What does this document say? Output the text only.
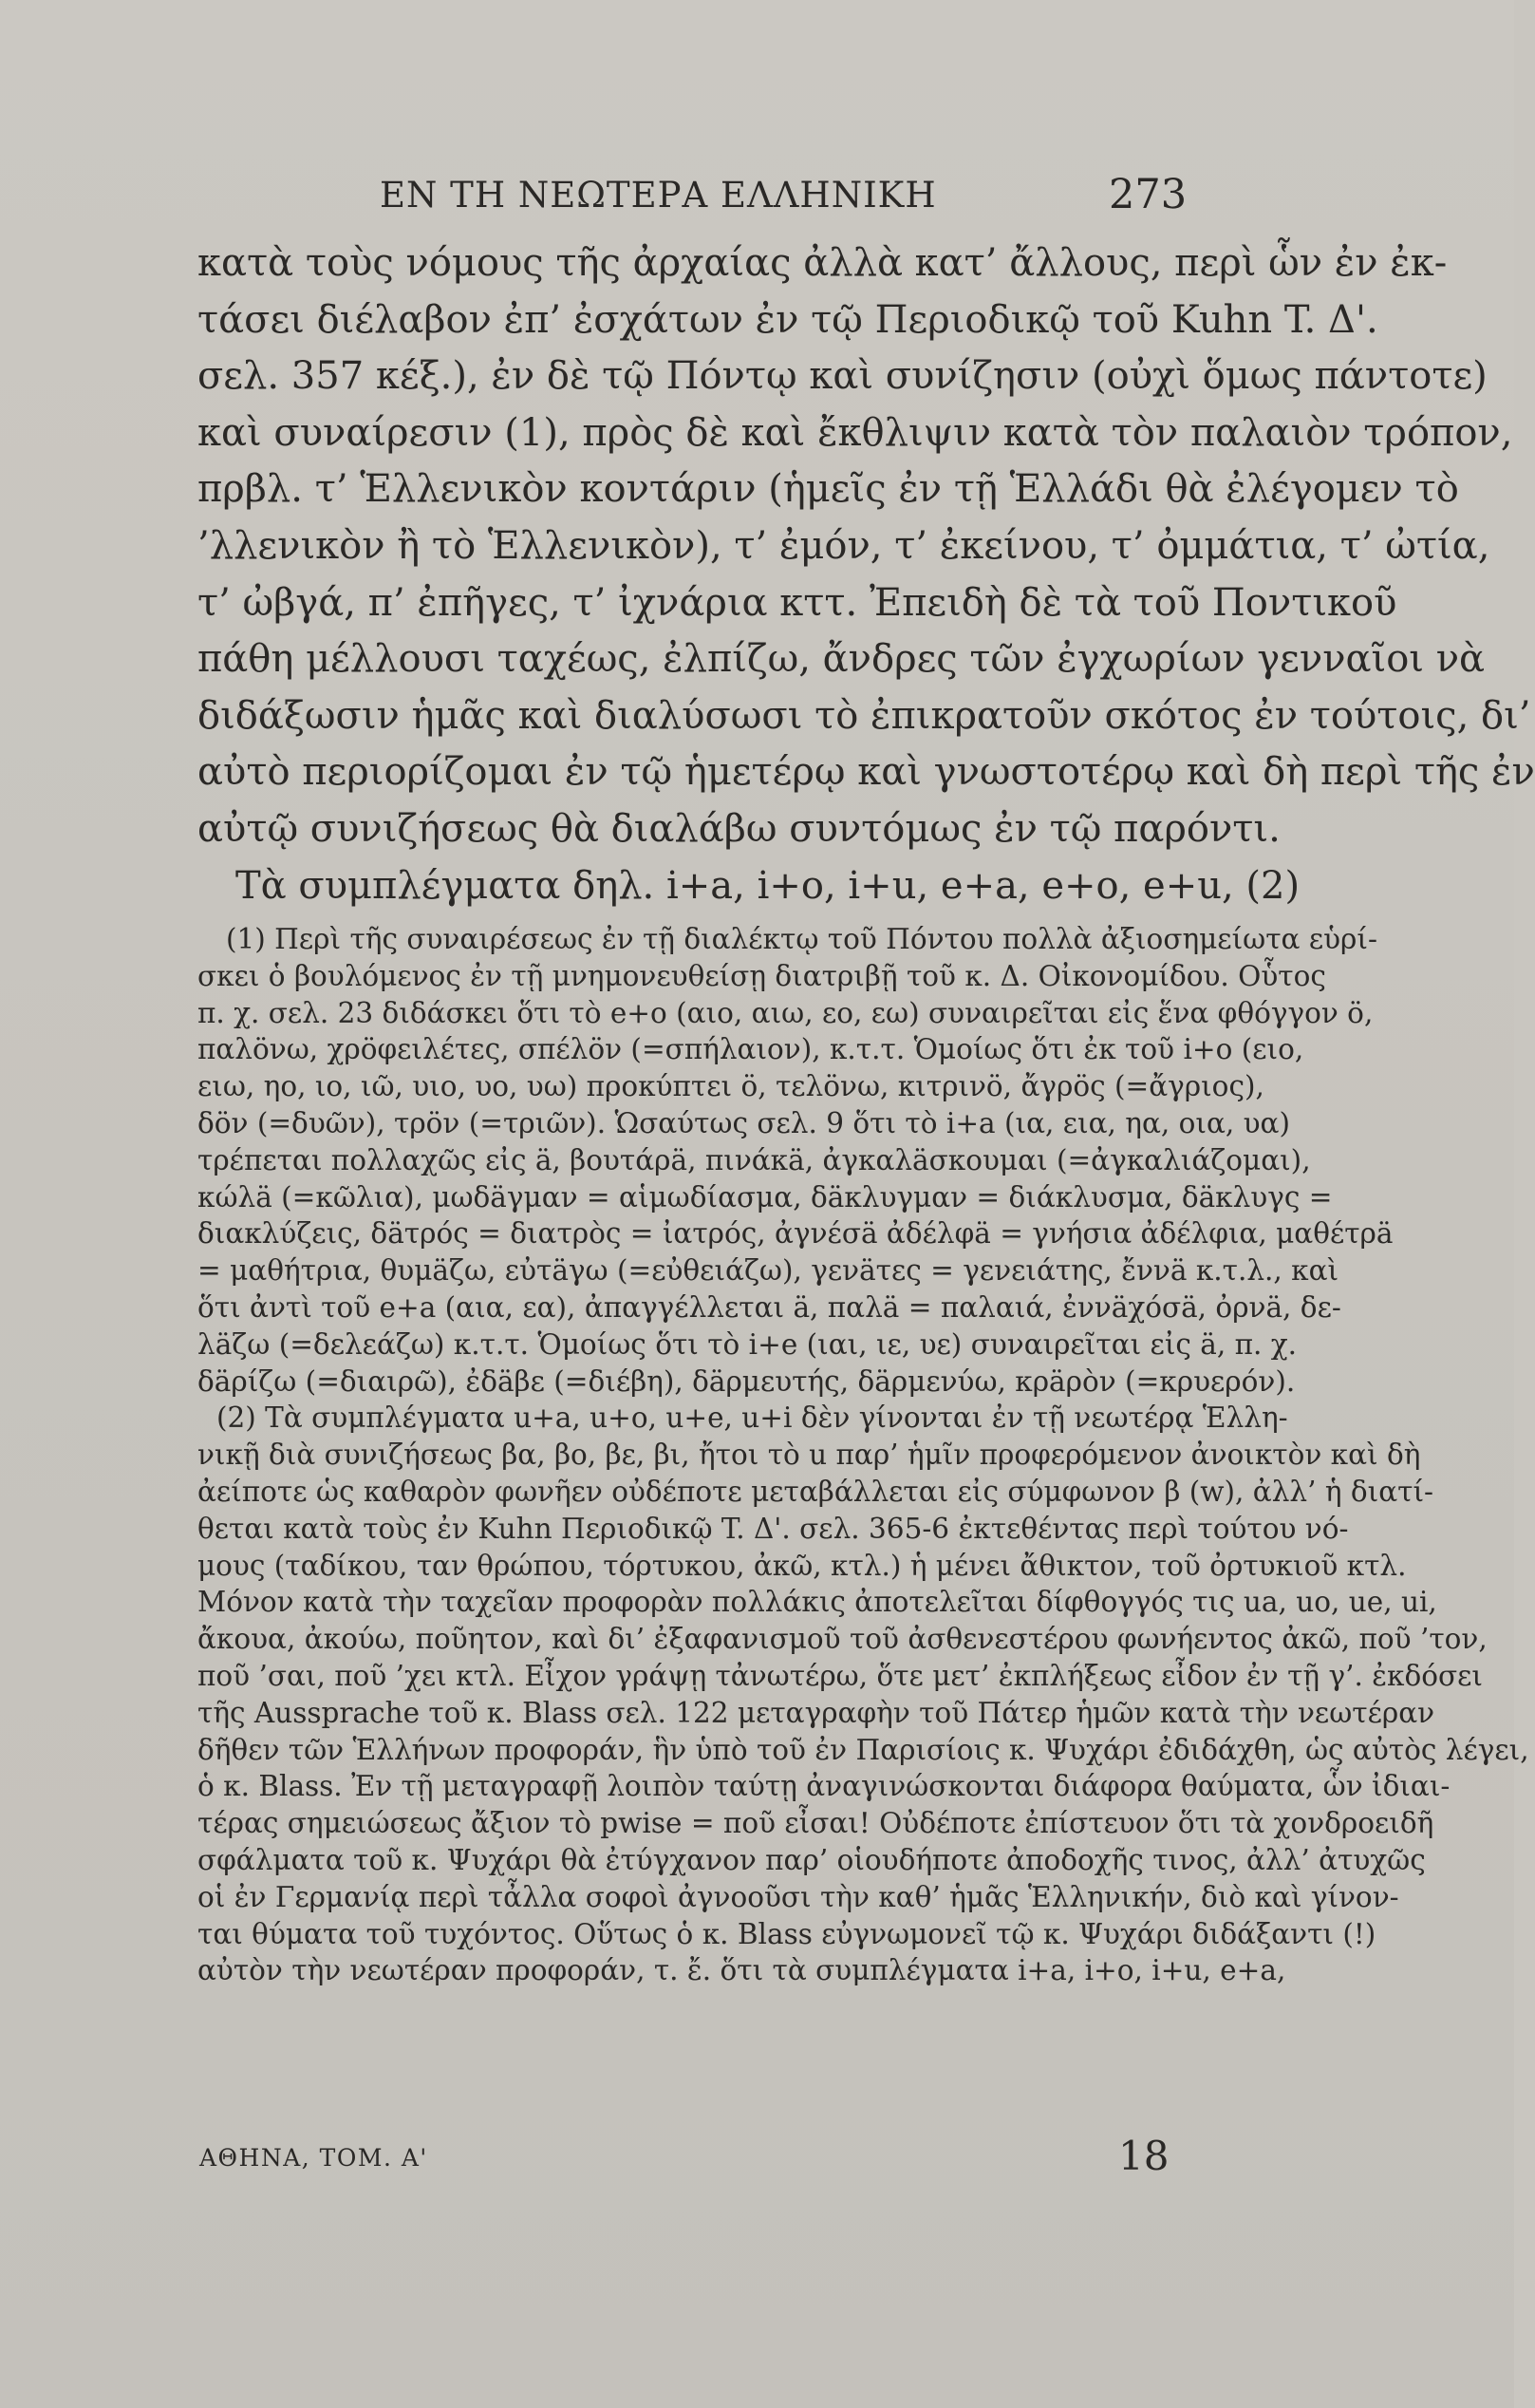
ΕΝ ΤΗ ΝΕΩΤΕΡΑ ΕΛΛΗΝΙΚΗ	273
κατὰ τοὺς νόμους τῆς ἀρχαίας ἀλλὰ κατ’ ἄλλους, περὶ ὧν ἐν ἐκ-
τάσει διέλαβον ἐπ’ ἐσχάτων ἐν τῷ Περιοδικῷ τοῦ Kuhn T. Δ'.
σελ. 357 κέξ.), ἐν δὲ τῷ Πόντῳ καὶ συνίζησιν (οὐχὶ ὅμως πάντοτε)
καὶ συναίρεσιν (1), πρὸς δὲ καὶ ἔκθλιψιν κατὰ τὸν παλαιὸν τρόπον,
πρβλ. τ’ Ἑλλενικὸν κοντάριν (ἡμεῖς ἐν τῇ Ἑλλάδι θὰ ἐλέγομεν τὸ
’λλενικὸν ἢ τὸ Ἑλλενικὸν), τ’ ἐμόν, τ’ ἐκείνου, τ’ ὀμμάτια, τ’ ὠτία,
τ’ ὠβγά, π’ ἐπῆγες, τ’ ἰχνάρια κττ. Ἐπειδὴ δὲ τὰ τοῦ Ποντικοῦ
πάθη μέλλουσι ταχέως, ἐλπίζω, ἄνδρες τῶν ἐγχωρίων γενναῖοι νὰ
διδάξωσιν ἡμᾶς καὶ διαλύσωσι τὸ ἐπικρατοῦν σκότος ἐν τούτοις, δι’
αὐτὸ περιορίζομαι ἐν τῷ ἡμετέρῳ καὶ γνωστοτέρῳ καὶ δὴ περὶ τῆς ἐν
αὐτῷ συνιζήσεως θὰ διαλάβω συντόμως ἐν τῷ παρόντι.
Τὰ συμπλέγματα δηλ. i+a, i+o, i+u, e+a, e+o, e+u, (2)
(1) Περὶ τῆς συναιρέσεως ἐν τῇ διαλέκτῳ τοῦ Πόντου πολλὰ ἀξιοσημείωτα εὑρί-
σκει ὁ βουλόμενος ἐν τῇ μνημονευθείσῃ διατριβῇ τοῦ κ. Δ. Οἰκονομίδου. Οὗτος
π. χ. σελ. 23 διδάσκει ὅτι τὸ e+o (αιο, αιω, εο, εω) συναιρεῖται εἰς ἕνα φθόγγον ö,
παλöνω, χρöφειλέτες, σπέλöν (=σπήλαιον), κ.τ.τ. Ὁμοίως ὅτι ἐκ τοῦ i+o (ειο,
ειω, ηο, ιο, ιῶ, υιο, υο, υω) προκύπτει ö, τελöνω, κιτρινö, ἄγρöς (=ἄγριος),
δöν (=δυῶν), τρöν (=τριῶν). Ὡσαύτως σελ. 9 ὅτι τὸ i+a (ια, εια, ηα, οια, υα)
τρέπεται πολλαχῶς εἰς ä, βουτάρä, πινάκä, ἀγκαλäσκουμαι (=ἀγκαλιάζομαι),
κώλä (=κῶλια), μωδäγμαν = αἱμωδίασμα, δäκλυγμαν = διάκλυσμα, δäκλυγς =
διακλύζεις, δäτρός = διατρὸς = ἰατρός, ἀγνέσä ἀδέλφä = γνήσια ἀδέλφια, μαθέτρä
= μαθήτρια, θυμäζω, εὐτäγω (=εὐθειάζω), γενäτες = γενειάτης, ἔννä κ.τ.λ., καὶ
ὅτι ἀντὶ τοῦ e+a (αια, εα), ἀπαγγέλλεται ä, παλä = παλαιά, ἐννäχόσä, ὀρνä, δε-
λäζω (=δελεάζω) κ.τ.τ. Ὁμοίως ὅτι τὸ i+e (ιαι, ιε, υε) συναιρεῖται εἰς ä, π. χ.
δäρίζω (=διαιρῶ), ἐδäβε (=διέβη), δäρμευτής, δäρμενύω, κρäρὸν (=κρυερόν).
(2) Τὰ συμπλέγματα u+a, u+o, u+e, u+i δὲν γίνονται ἐν τῇ νεωτέρᾳ Ἑλλη-
νικῇ διὰ συνιζήσεως βα, βο, βε, βι, ἤτοι τὸ u παρ’ ἡμῖν προφερόμενον ἀνοικτὸν καὶ δὴ
ἀείποτε ὡς καθαρὸν φωνῆεν οὐδέποτε μεταβάλλεται εἰς σύμφωνον β (w), ἀλλ’ ἡ διατί-
θεται κατὰ τοὺς ἐν Kuhn Περιοδικῷ T. Δ'. σελ. 365-6 ἐκτεθέντας περὶ τούτου νό-
μους (ταδίκου, ταν θρώπου, τόρτυκου, ἀκῶ, κτλ.) ἡ μένει ἄθικτον, τοῦ ὀρτυκιοῦ κτλ.
Μόνον κατὰ τὴν ταχεῖαν προφορὰν πολλάκις ἀποτελεῖται δίφθογγός τις ua, uo, ue, ui,
ἄκουα, ἀκούω, ποῦητον, καὶ δι’ ἐξαφανισμοῦ τοῦ ἀσθενεστέρου φωνήεντος ἀκῶ, ποῦ ’τον,
ποῦ ’σαι, ποῦ ’χει κτλ. Εἶχον γράψῃ τἀνωτέρω, ὅτε μετ’ ἐκπλήξεως εἶδον ἐν τῇ γ’. ἐκδόσει
τῆς Aussprache τοῦ κ. Blass σελ. 122 μεταγραφὴν τοῦ Πάτερ ἡμῶν κατὰ τὴν νεωτέραν
δῆθεν τῶν Ἑλλήνων προφοράν, ἣν ὑπὸ τοῦ ἐν Παρισίοις κ. Ψυχάρι ἐδιδάχθη, ὡς αὐτὸς λέγει,
ὁ κ. Blass. Ἐν τῇ μεταγραφῇ λοιπὸν ταύτῃ ἀναγινώσκονται διάφορα θαύματα, ὧν ἰδιαι-
τέρας σημειώσεως ἄξιον τὸ pwise = ποῦ εἶσαι! Οὐδέποτε ἐπίστευον ὅτι τὰ χονδροειδῆ
σφάλματα τοῦ κ. Ψυχάρι θὰ ἐτύγχανον παρ’ οἱουδήποτε ἀποδοχῆς τινος, ἀλλ’ ἀτυχῶς
οἱ ἐν Γερμανίᾳ περὶ τἆλλα σοφοὶ ἀγνοοῦσι τὴν καθ’ ἡμᾶς Ἑλληνικήν, διὸ καὶ γίνον-
ται θύματα τοῦ τυχόντος. Οὕτως ὁ κ. Blass εὐγνωμονεῖ τῷ κ. Ψυχάρι διδάξαντι (!)
αὐτὸν τὴν νεωτέραν προφοράν, τ. ἔ. ὅτι τὰ συμπλέγματα i+a, i+o, i+u, e+a,
ΑΘΗΝΑ, ΤΟΜ. Α'	18
